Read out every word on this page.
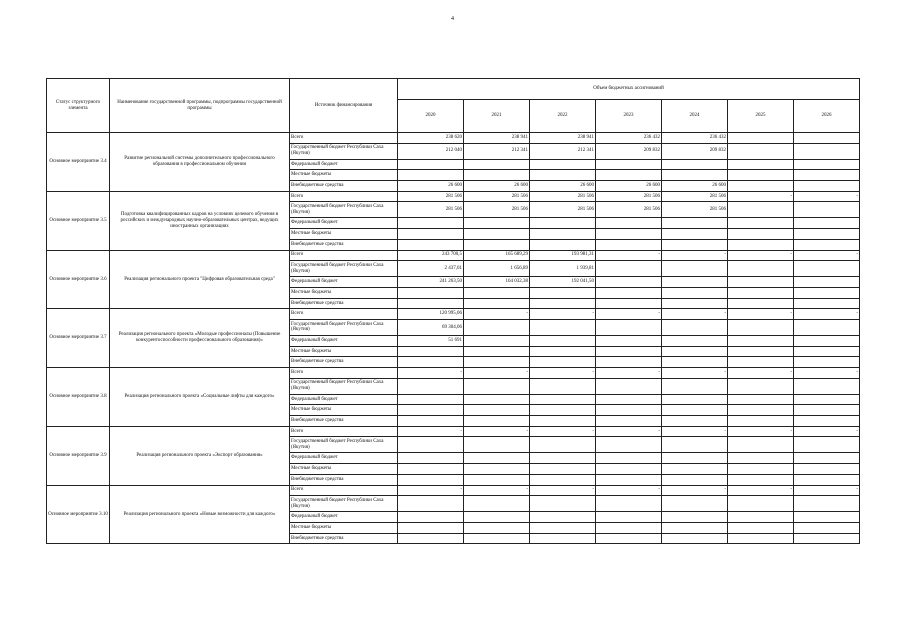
4
Статус структурного элемента	Наименование государственной программы, подпрограммы государственной программы	Источник финансирования	Объем бюджетных ассигнований						
			2020	2021	2022	2023	2024	2025	2026
Основное мероприятие 3.4	Развитие региональной системы дополнительного профессионального образования в профессиональном обучении	Всего	238 620	238 941	238 941	236 432	236 432		
		Государственный бюджет Республики Саха (Якутия)	212 040	212 341	212 341	209 832	209 832		
		Федеральный бюджет							
		Местные бюджеты							
		Внебюджетные средства	26 600	26 600	26 600	26 600	26 600		
Основное мероприятие 3.5	Подготовка квалифицированных кадров на условиях целевого обучения в российских и международных научно-образовательных центрах, ведущих иностранных организациях	Всего	281 506	281 506	281 506	281 506	281 506	-	-
		Государственный бюджет Республики Саха (Якутия)	281 506	281 506	281 506	281 506	281 506		
		Федеральный бюджет							
		Местные бюджеты							
		Внебюджетные средства							
Основное мероприятие 3.6	Реализация регионального проекта "Цифровая образовательная среда"	Всего	243 700,5	165 689,29	193 981,31	-	-	-	-
		Государственный бюджет Республики Саха (Якутия)	2 437,01	1 656,89	1 939,81				
		Федеральный бюджет	241 263,50	164 032,38	192 041,50				
		Местные бюджеты							
		Внебюджетные средства							
Основное мероприятие 3.7	Реализация регионального проекта «Молодые профессионалы (Повышение конкурентоспособности профессионального образования)»	Всего	120 995,06	-	-	-	-	-	-
		Государственный бюджет Республики Саха (Якутия)	69 304,06						
		Федеральный бюджет	51 691						
		Местные бюджеты							
		Внебюджетные средства							
Основное мероприятие 3.8	Реализация регионального проекта «Социальные лифты для каждого»	Всего	-	-	-	-	-	-	-
		Государственный бюджет Республики Саха (Якутия)							
		Федеральный бюджет							
		Местные бюджеты							
		Внебюджетные средства							
Основное мероприятие 3.9	Реализация регионального проекта «Экспорт образования»	Всего	-	-	-	-	-	-	-
		Государственный бюджет Республики Саха (Якутия)							
		Федеральный бюджет							
		Местные бюджеты							
		Внебюджетные средства							
Основное мероприятие 3.10	Реализация регионального проекта «Новые возможности для каждого»	Всего	-	-	-	-	-	-	-
		Государственный бюджет Республики Саха (Якутия)							
		Федеральный бюджет							
		Местные бюджеты							
		Внебюджетные средства							
